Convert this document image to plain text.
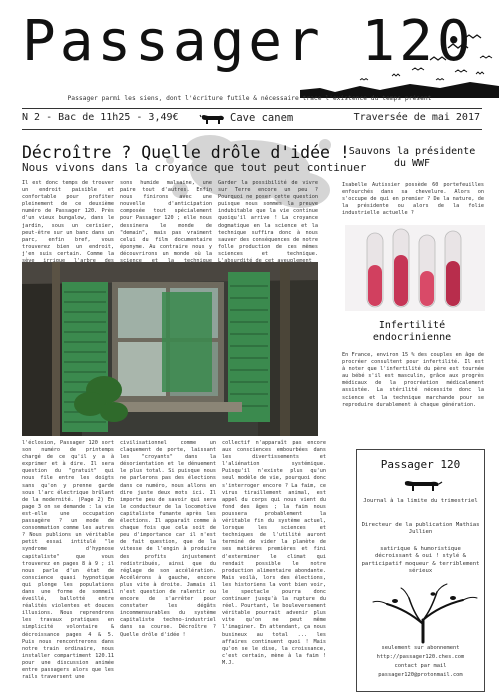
Passager 120
Passager parmi les siens, dont l'écriture futile & nécessaire trace l'existence du temps présent
N 2 - Bac de 11h25 - 3,49€	Cave canem	Traversée de mai 2017
Décroître ? Quelle drôle d'idée !
Nous vivons dans la croyance que tout peut continuer
Il est donc temps de trouver un endroit paisible et confortable pour profiter pleinement de ce deuxième numéro de Passager 120. Près d'un vieux bungalow, dans le jardin, sous un cerisier, peut-être sur un banc dans un parc, enfin bref, vous trouverez bien un endroit, j'en suis certain. Comme la
sons humide malsaine, une paire tout d'autres. Enfin nous finirons avec une nouvelle d'anticipation composée tout spécialement pour Passager 120 ; elle nous dessinera le monde de "demain", mais pas vraiment celui du film documentaire éponyme. Au contraire nous y découvrirons un monde où la
Garder la possibilité de vivre sur Terre encore un peu ? Pourquoi ne poser cette question puisque nous sommes la preuve indubitable que la vie continue quoiqu'il arrive ! La croyance dogmatique en la science et la technique suffira donc à nous sauver des conséquences de notre folle production de ces mêmes sciences et technique.
l'éclosion, Passager 120 sort son numéro de printemps chargé de ce qu'il y a à exprimer et à dire. Il sera question du "gratuit" qui nous file entre les doigts sans qu'on y prenne garde sous l'arc électrique brûlant de la modernité. (Page 2) En page 3 on se demande : la vie est-elle une occupation passagère ? un mode de consommation comme les autres ? Nous publions un véritable petit essai intitulé "le syndrome d'hypnose capitaliste" que vous trouverez en pages 8 à 9 ; il nous parle d'un état de conscience quasi hypnotique qui plonge les populations dans une forme de sommeil éveillé, ballotté entre réalités violentes et douces illusions. Nous reprendrons les travaux pratiques en simplicité volontaire & décroissance pages 4 & 5. Puis nous rencontrerons dans notre train ordinaire, nous installer compartiment 120.11 pour une discussion animée entre passagers alors que les rails traversent une
civilisationnel comme un claquement de porte, laissant les "croyants" dans la désorientation et le dénuement le plus total. Si puisque nous ne parlerons pas des élections dans ce numéro, nous allons en dire juste deux mots ici. Il importe peu de savoir qui sera le conducteur de la locomotive capitaliste fumante après les élections. Il apparaît comme à chaque fois que cela soit de peu d'importance car il n'est de fait question, que de la vitesse de l'engin à produire des profits injustement redistribués, ainsi que du réglage de son accélération. Accélérons à gauche, encore plus vite à droite. Jamais il n'est question de ralentir ou encore de s'arrêter pour constater les dégâts incommensurables du système capitaliste techno-industriel dans sa course. Décroître ? Quelle drôle d'idée !
collectif n'apparaît pas encore aux consciences embourbées dans les divertissements et l'aliénation systémique. Puisqu'il n'existe plus qu'un seul modèle de vie, pourquoi donc s'interroger encore ? La faim, ce virus tiraillement animal, est appel du corps qui nous vient du fond des âges ; la faim nous poussera probablement la véritable fin du système actuel, lorsque les sciences et techniques de l'utilité auront terminé de vider la planète de ses matières premières et fini d'exterminer le climat qui rendait possible le notre production alimentaire abondante. Mais voilà, lors des élections, les historiens la vont bien voir, le spectacle pourra donc continuer jusqu'à la rupture du réel. Pourtant, le bouleversement véritable pourrait advenir plus vite qu'on ne peut même l'imaginer. En attendant, ça nous busineux au total ... les affaires continuent quoi ! Mais qu'on se le dise, la croissance, c'est certain, mène à la faim ! M.J.
Sauvons la présidente du WWF
Isabelle Autissier possède 60 portefeuilles enfourchés dans sa chevelure. Alors on s'occupe de qui en premier ? De la nature, de la présidente ou alors de la folie industrielle actuelle ?
Infertilité endocrinienne
En France, environ 15 % des couples en âge de procréer consultent pour infertilité. Il est à noter que l'infertilité du père est tournée au bébé s'il est masculin, grâce aux progrès médicaux de la procréation médicalement assistée. La stérilité nécessite donc la science et la technique marchande pour se reproduire durablement à chaque génération.
Passager 120
Journal à la limite du trimestriel
Directeur de la publication Mathias Jullien
satirique & humoristique décroissant & oui ! stylé & participatif moqueur & terriblement sérieux
seulement sur abonnement
http://passager120.ches.com
contact par mail
passager120@protonmail.com
